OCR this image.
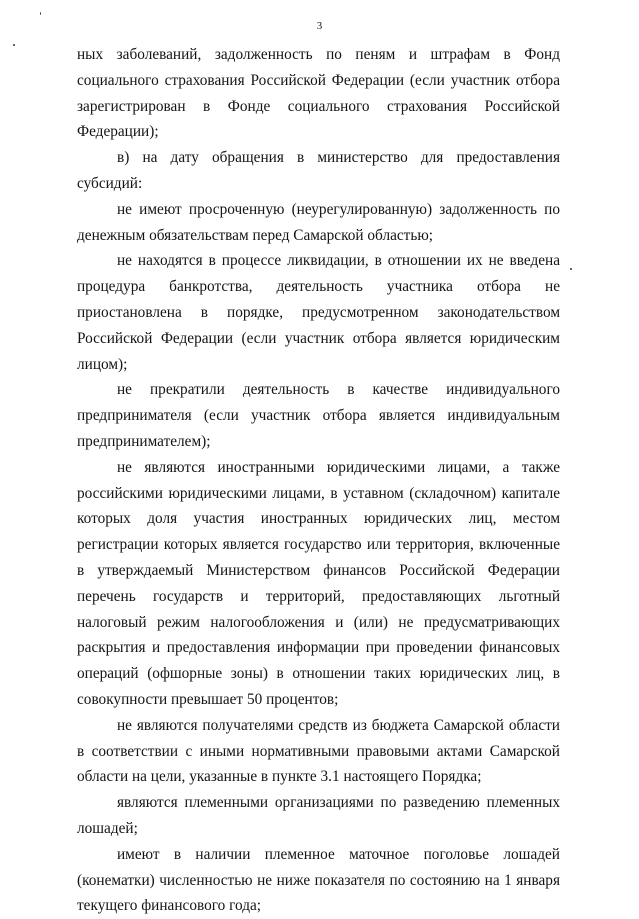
3

ных заболеваний, задолженность по пеням и штрафам в Фонд социального страхования Российской Федерации (если участник отбора зарегистрирован в Фонде социального страхования Российской Федерации);

в) на дату обращения в министерство для предоставления субсидий:

не имеют просроченную (неурегулированную) задолженность по денежным обязательствам перед Самарской областью;

не находятся в процессе ликвидации, в отношении их не введена процедура банкротства, деятельность участника отбора не приостановлена в порядке, предусмотренном законодательством Российской Федерации (если участник отбора является юридическим лицом);

не прекратили деятельность в качестве индивидуального предпринимателя (если участник отбора является индивидуальным предпринимателем);

не являются иностранными юридическими лицами, а также российскими юридическими лицами, в уставном (складочном) капитале которых доля участия иностранных юридических лиц, местом регистрации которых является государство или территория, включенные в утверждаемый Министерством финансов Российской Федерации перечень государств и территорий, предоставляющих льготный налоговый режим налогообложения и (или) не предусматривающих раскрытия и предоставления информации при проведении финансовых операций (офшорные зоны) в отношении таких юридических лиц, в совокупности превышает 50 процентов;

не являются получателями средств из бюджета Самарской области в соответствии с иными нормативными правовыми актами Самарской области на цели, указанные в пункте 3.1 настоящего Порядка;

являются племенными организациями по разведению племенных лошадей;

имеют в наличии племенное маточное поголовье лошадей (конематки) численностью не ниже показателя по состоянию на 1 января текущего финансового года;
